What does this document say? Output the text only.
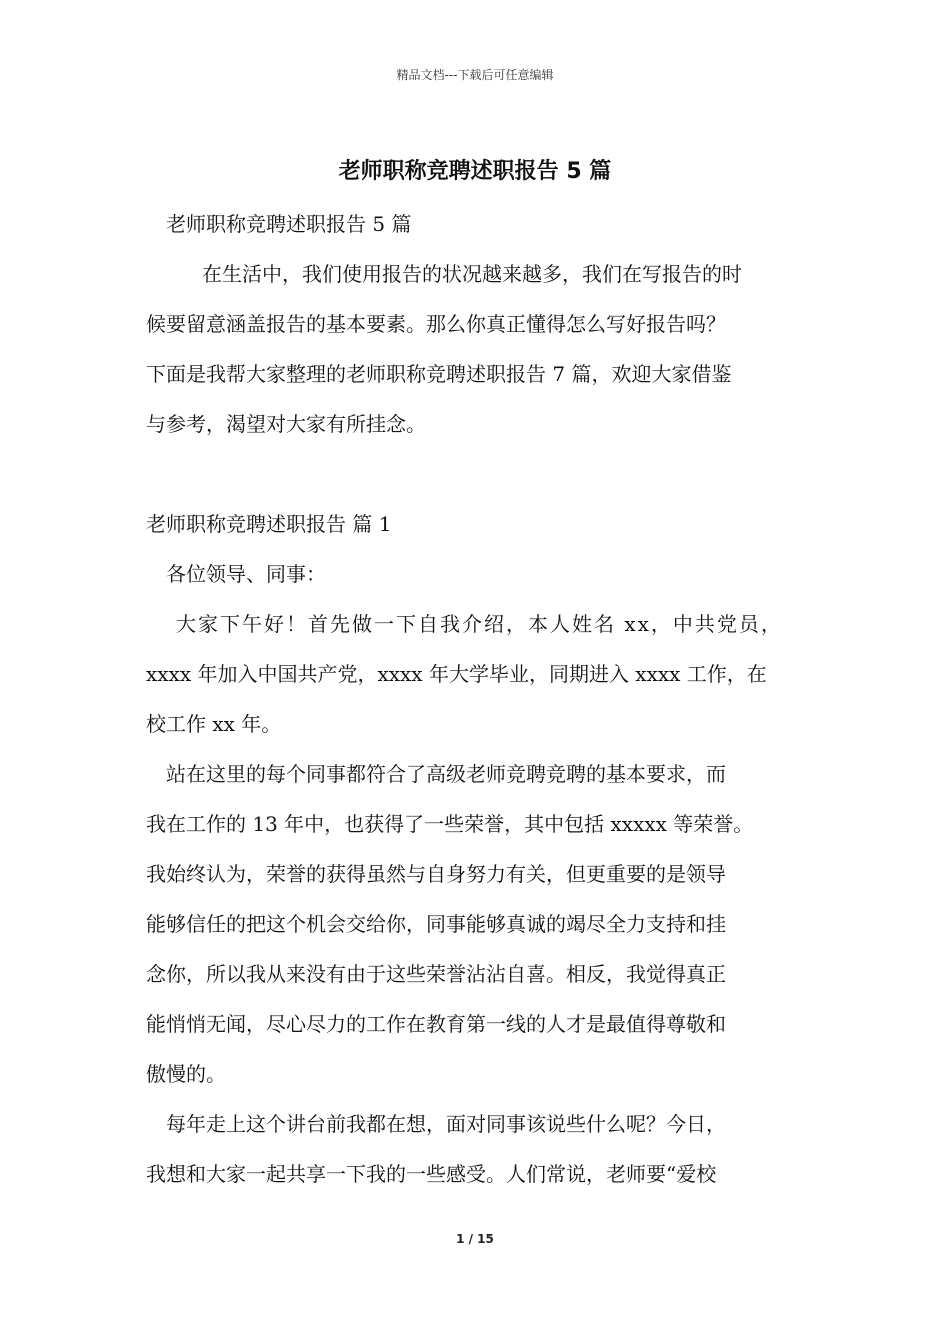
精品文档---下载后可任意编辑
老师职称竞聘述职报告 5 篇
老师职称竞聘述职报告 5 篇
在生活中，我们使用报告的状况越来越多，我们在写报告的时
候要留意涵盖报告的基本要素。那么你真正懂得怎么写好报告吗？
下面是我帮大家整理的老师职称竞聘述职报告 7 篇，欢迎大家借鉴
与参考，渴望对大家有所挂念。
老师职称竞聘述职报告 篇 1
各位领导、同事：
大家下午好！首先做一下自我介绍，本人姓名 xx，中共党员，
xxxx 年加入中国共产党，xxxx 年大学毕业，同期进入 xxxx 工作，在
校工作 xx 年。
站在这里的每个同事都符合了高级老师竞聘竞聘的基本要求，而
我在工作的 13 年中，也获得了一些荣誉，其中包括 xxxxx 等荣誉。
我始终认为，荣誉的获得虽然与自身努力有关，但更重要的是领导
能够信任的把这个机会交给你，同事能够真诚的竭尽全力支持和挂
念你，所以我从来没有由于这些荣誉沾沾自喜。相反，我觉得真正
能悄悄无闻，尽心尽力的工作在教育第一线的人才是最值得尊敬和
傲慢的。
每年走上这个讲台前我都在想，面对同事该说些什么呢？今日，
我想和大家一起共享一下我的一些感受。人们常说，老师要“爱校
1 / 15
